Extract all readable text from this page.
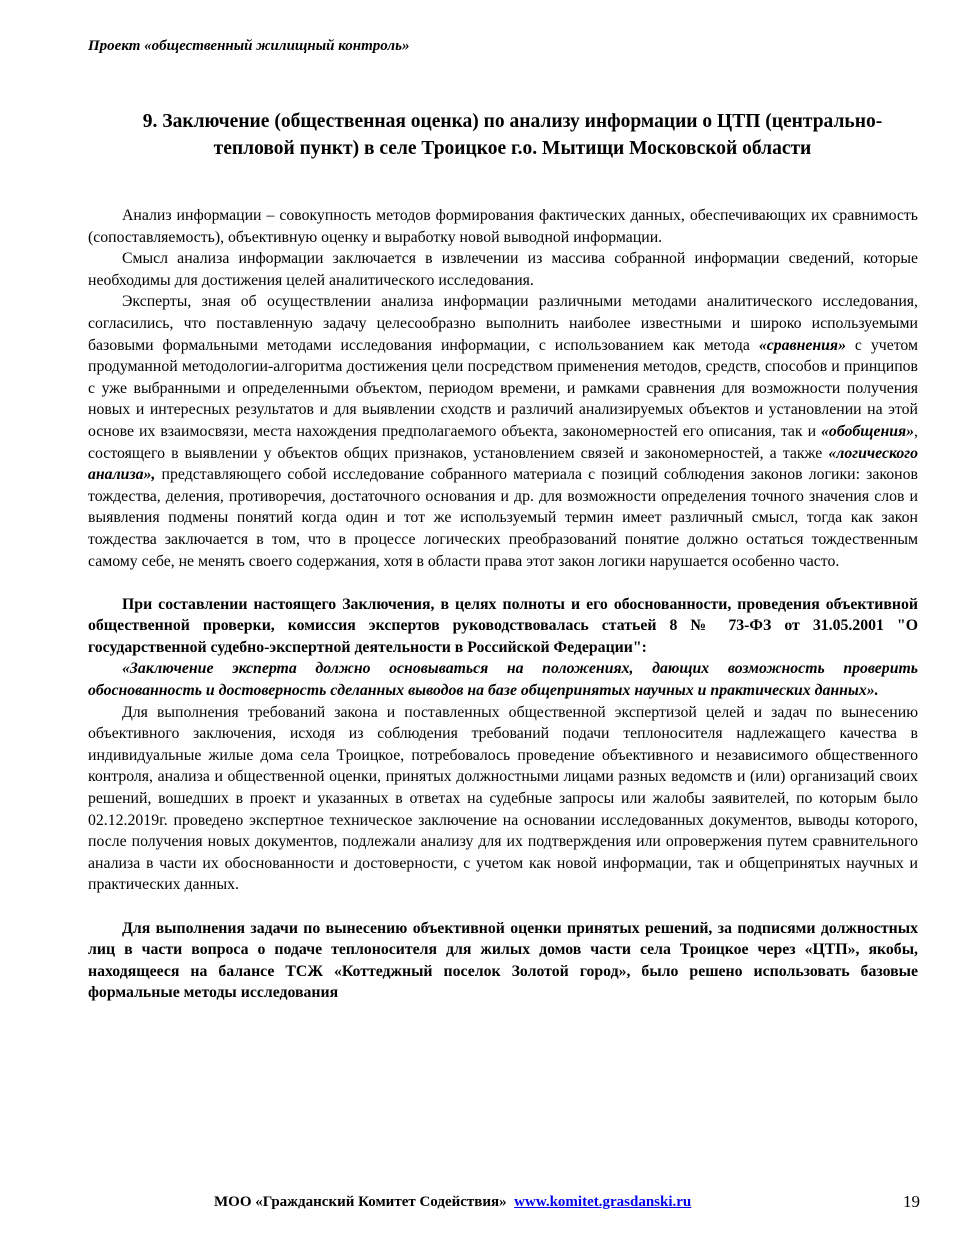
Проект «общественный жилищный контроль»
9. Заключение (общественная оценка) по анализу информации о ЦТП (центрально-тепловой пункт) в селе Троицкое г.о. Мытищи Московской области

Анализ информации – совокупность методов формирования фактических данных, обеспечивающих их сравнимость (сопоставляемость), объективную оценку и выработку новой выводной информации.

Смысл анализа информации заключается в извлечении из массива собранной информации сведений, которые необходимы для достижения целей аналитического исследования.

Эксперты, зная об осуществлении анализа информации различными методами аналитического исследования, согласились, что поставленную задачу целесообразно выполнить наиболее известными и широко используемыми базовыми формальными методами исследования информации, с использованием как метода «сравнения» с учетом продуманной методологии-алгоритма достижения цели посредством применения методов, средств, способов и принципов с уже выбранными и определенными объектом, периодом времени, и рамками сравнения для возможности получения новых и интересных результатов и для выявлении сходств и различий анализируемых объектов и установлении на этой основе их взаимосвязи, места нахождения предполагаемого объекта, закономерностей его описания, так и «обобщения», состоящего в выявлении у объектов общих признаков, установлением связей и закономерностей, а также «логического анализа», представляющего собой исследование собранного материала с позиций соблюдения законов логики: законов тождества, деления, противоречия, достаточного основания и др. для возможности определения точного значения слов и выявления подмены понятий когда один и тот же используемый термин имеет различный смысл, тогда как закон тождества заключается в том, что в процессе логических преобразований понятие должно остаться тождественным самому себе, не менять своего содержания, хотя в области права этот закон логики нарушается особенно часто.

При составлении настоящего Заключения, в целях полноты и его обоснованности, проведения объективной общественной проверки, комиссия экспертов руководствовалась статьей 8 № 73-ФЗ от 31.05.2001 "О государственной судебно-экспертной деятельности в Российской Федерации":

«Заключение эксперта должно основываться на положениях, дающих возможность проверить обоснованность и достоверность сделанных выводов на базе общепринятых научных и практических данных».

Для выполнения требований закона и поставленных общественной экспертизой целей и задач по вынесению объективного заключения, исходя из соблюдения требований подачи теплоносителя надлежащего качества в индивидуальные жилые дома села Троицкое, потребовалось проведение объективного и независимого общественного контроля, анализа и общественной оценки, принятых должностными лицами разных ведомств и (или) организаций своих решений, вошедших в проект и указанных в ответах на судебные запросы или жалобы заявителей, по которым было 02.12.2019г. проведено экспертное техническое заключение на основании исследованных документов, выводы которого, после получения новых документов, подлежали анализу для их подтверждения или опровержения путем сравнительного анализа в части их обоснованности и достоверности, с учетом как новой информации, так и общепринятых научных и практических данных.

Для выполнения задачи по вынесению объективной оценки принятых решений, за подписями должностных лиц в части вопроса о подаче теплоносителя для жилых домов части села Троицкое через «ЦТП», якобы, находящееся на балансе ТСЖ «Коттеджный поселок Золотой город», было решено использовать базовые формальные методы исследования

МОО «Гражданский Комитет Содействия» www.komitet.grasdanski.ru	19
